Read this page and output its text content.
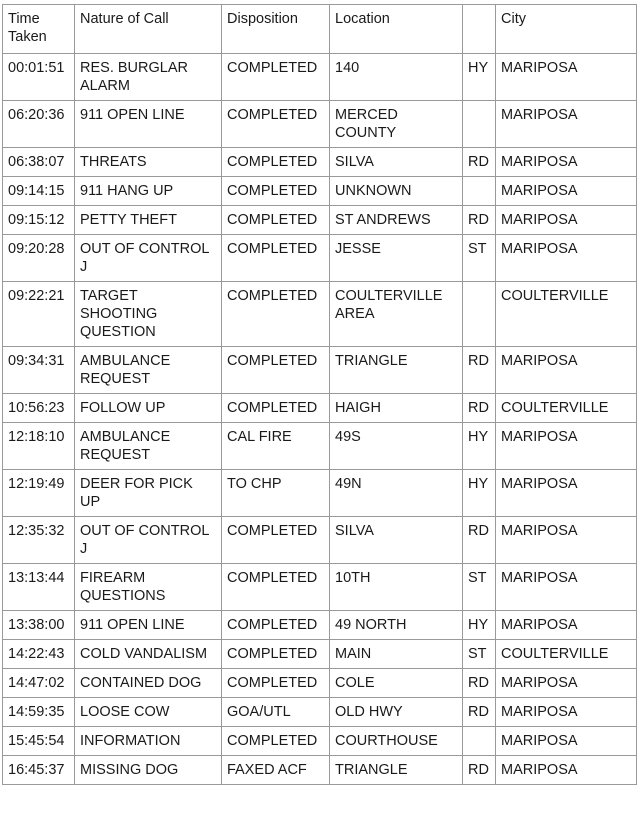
Time Taken	Nature of Call	Disposition	Location		City
00:01:51	RES. BURGLAR ALARM	COMPLETED	140	HY	MARIPOSA
06:20:36	911 OPEN LINE	COMPLETED	MERCED COUNTY		MARIPOSA
06:38:07	THREATS	COMPLETED	SILVA	RD	MARIPOSA
09:14:15	911 HANG UP	COMPLETED	UNKNOWN		MARIPOSA
09:15:12	PETTY THEFT	COMPLETED	ST ANDREWS	RD	MARIPOSA
09:20:28	OUT OF CONTROL J	COMPLETED	JESSE	ST	MARIPOSA
09:22:21	TARGET SHOOTING QUESTION	COMPLETED	COULTERVILLE AREA		COULTERVILLE
09:34:31	AMBULANCE REQUEST	COMPLETED	TRIANGLE	RD	MARIPOSA
10:56:23	FOLLOW UP	COMPLETED	HAIGH	RD	COULTERVILLE
12:18:10	AMBULANCE REQUEST	CAL FIRE	49S	HY	MARIPOSA
12:19:49	DEER FOR PICK UP	TO CHP	49N	HY	MARIPOSA
12:35:32	OUT OF CONTROL J	COMPLETED	SILVA	RD	MARIPOSA
13:13:44	FIREARM QUESTIONS	COMPLETED	10TH	ST	MARIPOSA
13:38:00	911 OPEN LINE	COMPLETED	49 NORTH	HY	MARIPOSA
14:22:43	COLD VANDALISM	COMPLETED	MAIN	ST	COULTERVILLE
14:47:02	CONTAINED DOG	COMPLETED	COLE	RD	MARIPOSA
14:59:35	LOOSE COW	GOA/UTL	OLD HWY	RD	MARIPOSA
15:45:54	INFORMATION	COMPLETED	COURTHOUSE		MARIPOSA
16:45:37	MISSING DOG	FAXED ACF	TRIANGLE	RD	MARIPOSA
